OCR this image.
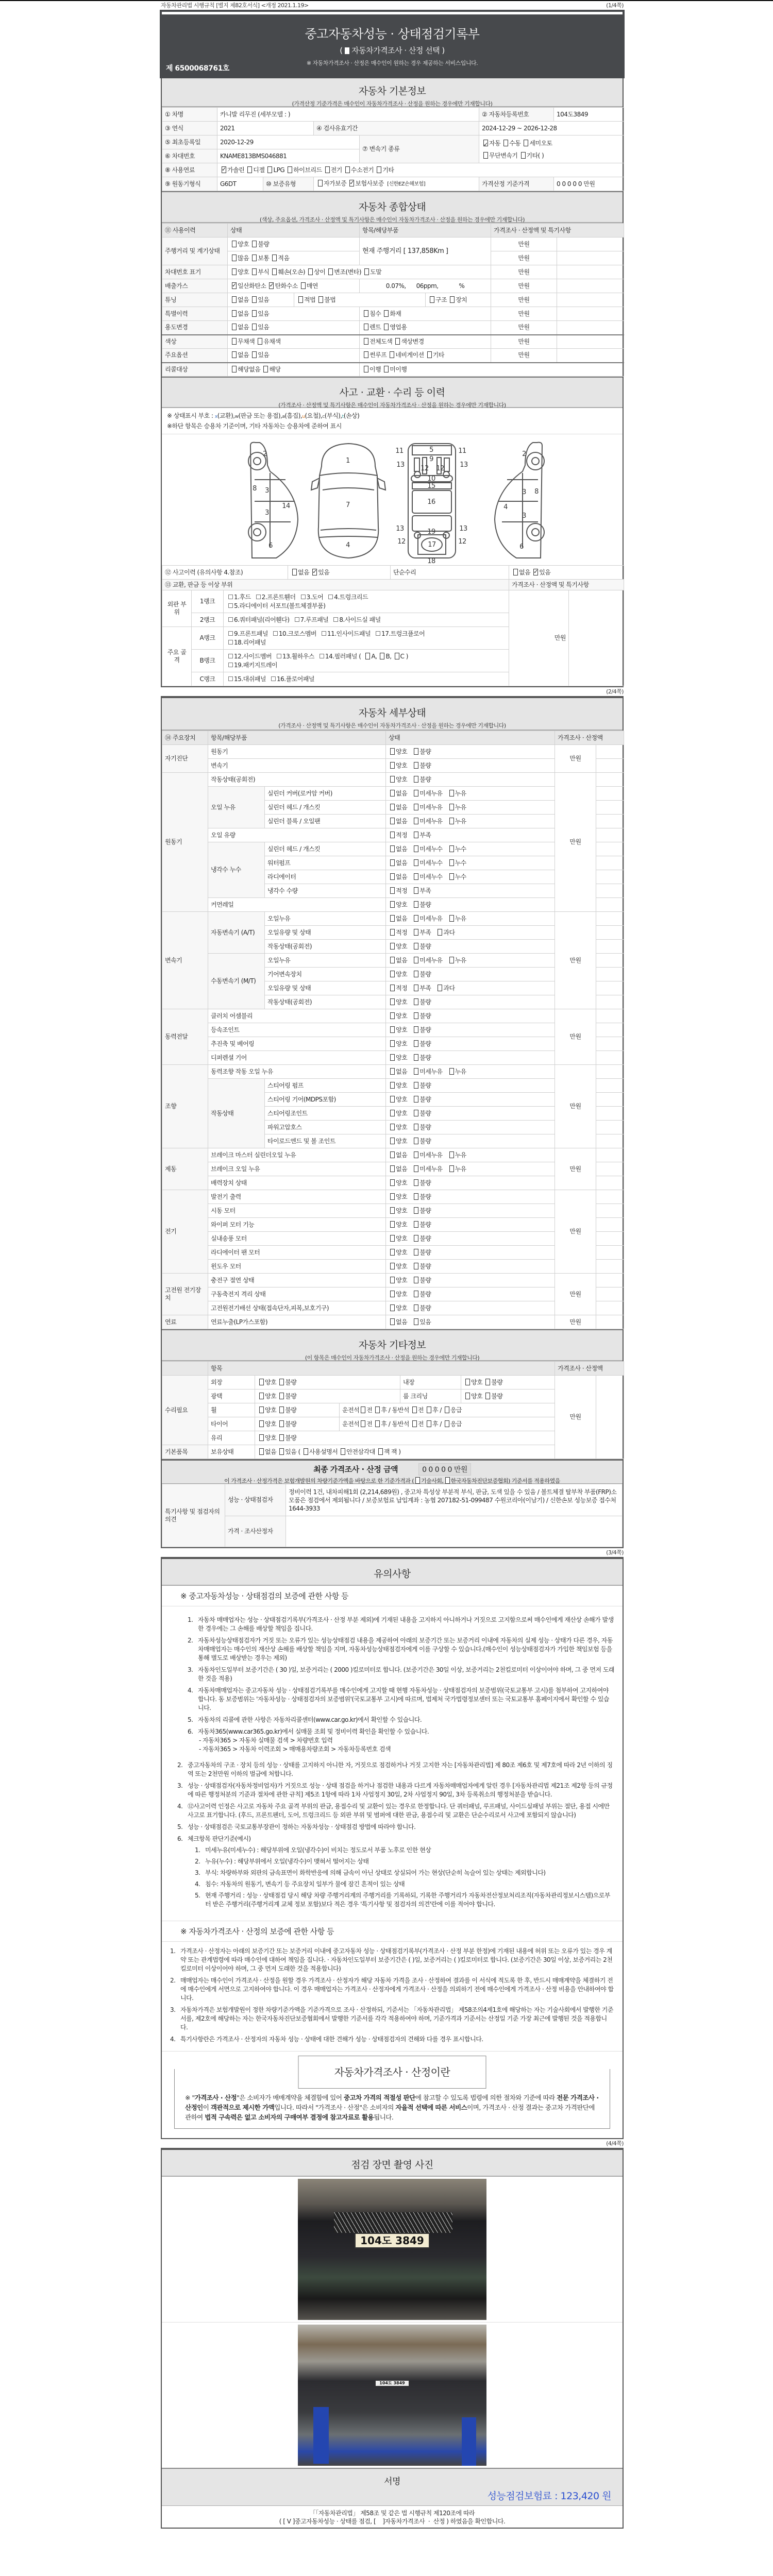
자동차관리법 시행규칙 [별지 제82호서식] <개정 2021.1.19>	(1/4쪽)
중고자동차성능 · 상태점검기록부
(  자동차가격조사 · 산정 선택 )
※ 자동차가격조사 · 산정은 매수인이 원하는 경우 제공하는 서비스입니다.
제 6500068761호
자동차 기본정보
(가격산정 기준가격은 매수인이 자동차가격조사 · 산정을 원하는 경우에만 기재합니다)
① 차명	카니발 리무진 (세부모델 : )				② 자동차등록번호	104도3849
③ 연식	2021		④ 검사유효기간		2024-12-29 ~ 2026-12-28	
⑤ 최초등록일	2020-12-29			⑦ 변속기 종류	✓자동 수동 세미오토
무단변속기 기타( )
⑥ 차대번호	KNAME813BMS046881					
⑧ 사용연료	✓가솔린 디젤 LPG 하이브리드 전기 수소전기 기타
⑨ 원동기형식	G6DT	⑩ 보증유형	자가보증 ✓ 보험사보증 [신한EZ손해보험]		가격산정 기준가격	0 0 0 0 0 만원
자동차 종합상태
(색상, 주요옵션, 가격조사 · 산정액 및 특기사항은 매수인이 자동차가격조사 · 산정을 원하는 경우에만 기재합니다)
⑪ 사용이력	상태		항목/해당부품		가격조사 · 산정액 및 특기사항	
주행거리 및 계기상태	양호 불량		현재 주행거리 [ 137,858Km ]		만원	
	많음 보통 적음				만원	
차대번호 표기	양호 부식 훼손(오손) 상이 변조(변타) 도말				만원	
배출가스	✓일산화탄소 ✓ 탄화수소 매연		0.07%,      06ppm,            %		만원	
튜닝	없음 있음	적법 불법		구조 장치	만원	
특별이력	없음 있음		침수 화재		만원	
용도변경	없음 있음		렌트 영업용		만원	
색상	무채색 유채색		전체도색 색상변경		만원	
주요옵션	없음 있음		썬루프 네비게이션 기타		만원	
리콜대상	해당없음 해당		이행 미이행			
사고 · 교환 · 수리 등 이력
(가격조사 · 산정액 및 특기사항은 매수인이 자동차가격조사 · 산정을 원하는 경우에만 기재합니다)
※ 상태표시 부호 : x(교환),w(판금 또는 용접),a(흠집),u(요철),c(부식),t(손상)
※하단 항목은 승용차 기준이며, 기타 자동차는 승용차에 준하여 표시
1
2	2
3
3
3
3
4
4
5
6	6
7
8	8
9
10
11	11
12 12
12	12
13	13
13	13
14
15
16
17
18
19
⑫ 사고이력 (유의사항 4.참조)			없음 ✓ 있음	단순수리	없음 ✓ 있음
⑬ 교환, 판금 등 이상 부위					가격조사 · 산정액 및 특기사항	
외판 부위	1랭크	1.후드 2.프론트휀더 3.도어 4.트렁크리드
5.라디에이터 서포트(볼트체결부품)			만원	
	2랭크	6.쿼터패널(리어휀다) 7.루프패널 8.사이드실 패널				
주요 골격	A랭크	9.프론트패널 10.크로스멤버 11.인사이드패널 17.트렁크플로어
18.리어패널				
	B랭크	12.사이드멤버 13.휠하우스 14.필러패널 ( A, B, C )
19.패키지트레이				
	C랭크	15.대쉬패널 16.플로어패널				
(2/4쪽)
자동차 세부상태
(가격조사 · 산정액 및 특기사항은 매수인이 자동차가격조사 · 산정을 원하는 경우에만 기재합니다)
⑭ 주요장치	항목/해당부품		상태	가격조사 · 산정액	
자기진단	원동기		양호 불량	만원	
	변속기		양호 불량		
원동기	작동상태(공회전)		양호 불량	만원	
	오일 누유	실린더 커버(로커암 커버)	없음 미세누유 누유		
		실린더 헤드 / 개스킷	없음 미세누유 누유		
		실린더 블록 / 오일팬	없음 미세누유 누유		
	오일 유량		적정 부족		
	냉각수 누수	실린더 헤드 / 개스킷	없음 미세누수 누수		
		워터펌프	없음 미세누수 누수		
		라디에이터	없음 미세누수 누수		
		냉각수 수량	적정 부족		
	커먼레일		양호 불량		
변속기	자동변속기 (A/T)	오일누유	없음 미세누유 누유	만원	
		오일유량 및 상태	적정 부족 과다		
		작동상태(공회전)	양호 불량		
	수동변속기 (M/T)	오일누유	없음 미세누유 누유		
		기어변속장치	양호 불량		
		오일유량 및 상태	적정 부족 과다		
		작동상태(공회전)	양호 불량		
동력전달	클러치 어셈블리		양호 불량	만원	
	등속조인트		양호 불량		
	추진축 및 베어링		양호 불량		
	디퍼렌셜 기어		양호 불량		
조향	동력조향 작동 오일 누유		없음 미세누유 누유	만원	
	작동상태	스티어링 펌프	양호 불량		
		스티어링 기어(MDPS포함)	양호 불량		
		스티어링조인트	양호 불량		
		파워고압호스	양호 불량		
		타이로드엔드 및 볼 조인트	양호 불량		
제동	브레이크 마스터 실린더오일 누유		없음 미세누유 누유	만원	
	브레이크 오일 누유		없음 미세누유 누유		
	배력장치 상태		양호 불량		
전기	발전기 출력		양호 불량	만원	
	시동 모터		양호 불량		
	와이퍼 모터 기능		양호 불량		
	실내송풍 모터		양호 불량		
	라디에이터 팬 모터		양호 불량		
	윈도우 모터		양호 불량		
고전원 전기장치	충전구 절연 상태		양호 불량	만원	
	구동축전지 격리 상태		양호 불량		
	고전원전기배선 상태(접속단자,피복,보호기구)		양호 불량		
연료	연료누출(LP가스포함)		없음 있음	만원	
자동차 기타정보
(이 항목은 매수인이 자동차가격조사 · 산정을 원하는 경우에만 기재합니다)
	항목					가격조사 · 산정액	
수리필요	외장	양호 불량		내장	양호 불량	만원	
	광택	양호 불량		룸 크리닝	양호 불량		
	휠	양호 불량	운전석 전 후 / 동반석 전 후 / 응급				
	타이어	양호 불량	운전석 전 후 / 동반석 전 후 / 응급				
	유리	양호 불량					
기본품목	보유상태	없음 있음 ( 사용설명서 안전삼각대 잭 잭 )					
최종 가격조사 · 산정 금액	0 0 0 0 0 만원
이 가격조사 · 산정가격은 보험개발원의 차량기준가액을 바탕으로 한 기준가격과 ( 기술사회, 한국자동차진단보증협회) 기준서를 적용하였음
특기사항 및 점검자의 의견	성능 · 상태점검자	정비이력 1건, 내차피해1회 (2,214,689원) , 중고차 특성상 부분적 부식, 판금, 도색 있을 수 있음 / 볼트체결 탈부착 부품(FRP)소모품은 점검에서 제외됩니다 / 보증보험료 납입계좌 : 농협 207182-51-099487 수원코리아(이남기) / 신한손보 성능보증 접수처 1644-3933
	가격 · 조사산정자	
(3/4쪽)
유의사항
※ 중고자동차성능 · 상태점검의 보증에 관한 사항 등
1. 자동차 매매업자는 성능 · 상태점검기록부(가격조사 · 산정 부분 제외)에 기재된 내용을 고지하지 아니하거나 거짓으로 고지함으로써 매수인에게 재산상 손해가 발생한 경우에는 그 손해를 배상할 책임을 집니다.
2. 자동차성능상태점검자가 거짓 또는 오류가 있는 성능상태점검 내용을 제공하여 아래의 보증기간 또는 보증거리 이내에 자동차의 실제 성능 · 상태가 다른 경우, 자동차매매업자는 매수인의 재산상 손해를 배상할 책임을 지며, 자동차성능상태점검자에게 이를 구상할 수 있습니다.(매수인이 성능상태점검자가 가입한 책임보험 등을 통해 별도로 배상받는 경우는 제외)
3. 자동차인도일부터 보증기간은 ( 30 )일, 보증거리는 ( 2000 )킬로미터로 합니다. (보증기간은 30일 이상, 보증거리는 2천킬로미터 이상이어야 하며, 그 중 먼저 도래한 것을 적용)
4. 자동차매매업자는 중고자동차 성능 · 상태점검기록부를 매수인에게 고지할 때 현행 자동차성능 · 상태점검자의 보증범위(국토교통부 고시)를 첨부하여 고지하여야 합니다. 동 보증범위는 '자동차성능 · 상태점검자의 보증범위'(국토교통부 고시)에 따르며, 법제처 국가법령정보센터 또는 국토교통부 홈페이지에서 확인할 수 있습니다.
5. 자동차의 리콜에 관한 사항은 자동차리콜센터(www.car.go.kr)에서 확인할 수 있습니다.
6. 자동차365(www.car365.go.kr)에서 실매물 조회 및 정비이력 확인을 확인할 수 있습니다.
- 자동차365 > 자동차 실매물 검색 > 차량번호 입력
- 자동차365 > 자동차 이력조회 > 매매용차량조회 > 자동차등록번호 검색
2. 중고자동차의 구조 · 장치 등의 성능 · 상태를 고지하지 아니한 자, 거짓으로 점검하거나 거짓 고지한 자는 [자동차관리법] 제 80조 제6호 및 제7호에 따라 2년 이하의 징역 또는 2천만원 이하의 벌금에 처합니다.
3. 성능 · 상태점검자(자동차정비업자)가 거짓으로 성능 · 상태 점검을 하거나 점검한 내용과 다르게 자동차매매업자에게 알린 경우 [자동차관리법 제21조 제2항 등의 규정에 따른 행정처분의 기준과 절차에 관한 규칙] 제5조 1항에 따라 1차 사업정지 30일, 2차 사업정지 90일, 3차 등록취소의 행정처분을 받습니다.
4. ⑫사고이력 인정은 사고로 자동차 주요 골격 부위의 판금, 용접수리 및 교환이 있는 경우로 한정합니다. 단 쿼터패널, 루프패널, 사이드실패널 부위는 절단, 용접 시에만 사고로 표기합니다. (후드, 프론트펜더, 도어, 트렁크리드 등 외판 부위 및 범퍼에 대한 판금, 용접수리 및 교환은 단순수리로서 사고에 포함되지 않습니다)
5. 성능 · 상태점검은 국토교통부장관이 정하는 자동차성능 · 상태점검 방법에 따라야 합니다.
6. 체크항목 판단기준(예시)
1. 미세누유(미세누수) : 해당부위에 오일(냉각수)이 비치는 정도로서 부품 노후로 인한 현상
2. 누유(누수) : 해당부위에서 오일(냉각수)이 맺혀서 떨어지는 상태
3. 부식: 차량하부와 외판의 금속표면이 화학반응에 의해 금속이 아닌 상태로 상실되어 가는 현상(단순히 녹슬어 있는 상태는 제외합니다)
4. 침수: 자동차의 원동기, 변속기 등 주요장치 일부가 물에 잠긴 흔적이 있는 상태
5. 현재 주행거리 : 성능 · 상태점검 당시 해당 차량 주행거리계의 주행거리를 기록하되, 기록한 주행거리가 자동차전산정보처리조직(자동차관리정보시스템)으로부터 받은 주행거리(주행거리계 교체 정보 포함)보다 적은 경우 '특기사항 및 점검자의 의견'란에 이를 적어야 합니다.
※ 자동차가격조사 · 산정의 보증에 관한 사항 등
1. 가격조사 · 산정자는 아래의 보증기간 또는 보증거리 이내에 중고자동차 성능 · 상태점검기록부(가격조사 · 산정 부분 한정)에 기재된 내용에 허위 또는 오류가 있는 경우 계약 또는 관계법령에 따라 매수인에 대하여 책임을 집니다. · 자동차인도일부터 보증기간은 ( )일, 보증거리는 ( )킬로미터로 합니다. (보증기간은 30일 이상, 보증거리는 2천킬로미터 이상이어야 하며, 그 중 먼저 도래한 것을 적용합니다)
2. 매매업자는 매수인이 가격조사 · 산정을 원할 경우 가격조사 · 산정자가 해당 자동차 가격을 조사 · 산정하여 결과를 이 서식에 적도록 한 후, 반드시 매매계약을 체결하기 전에 매수인에게 서면으로 고지하여야 합니다. 이 경우 매매업자는 가격조사 · 산정자에게 가격조사 · 산정을 의뢰하기 전에 매수인에게 가격조사 · 산정 비용을 안내하여야 합니다.
3. 자동차가격은 보험개발원이 정한 차량기준가액을 기준가격으로 조사 · 산정하되, 기준서는 「자동차관리법」 제58조의4제1호에 해당하는 자는 기술사회에서 발행한 기준서를, 제2호에 해당하는 자는 한국자동차진단보증협회에서 발행한 기준서를 각각 적용하여야 하며, 기준가격과 기준서는 산정일 기준 가장 최근에 발행된 것을 적용합니다.
4. 특기사항란은 가격조사 · 산정자의 자동차 성능 · 상태에 대한 견해가 성능 · 상태점검자의 견해와 다를 경우 표시합니다.
자동차가격조사 · 산정이란
※ "가격조사 · 산정"은 소비자가 매매계약을 체결함에 있어 중고차 가격의 적절성 판단에 참고할 수 있도록 법령에 의한 절차와 기준에 따라 전문 가격조사 · 산정인이 객관적으로 제시한 가액입니다. 따라서 "가격조사 · 산정"은 소비자의 자율적 선택에 따른 서비스이며, 가격조사 · 산정 결과는 중고차 가격판단에 관하여 법적 구속력은 없고 소비자의 구매여부 결정에 참고자료로 활용됩니다.
(4/4쪽)
점검 장면 촬영 사진
104도 3849
104도 3849
서명
성능점검보험료 : 123,420 원
「「자동차관리법」 제58조 및 같은 법 시행규칙 제120조에 따라
( [ V ]중고자동차성능 · 상태를 점검, [    ]자동차가격조사  ·  산정 ) 하였음을 확인합니다.
